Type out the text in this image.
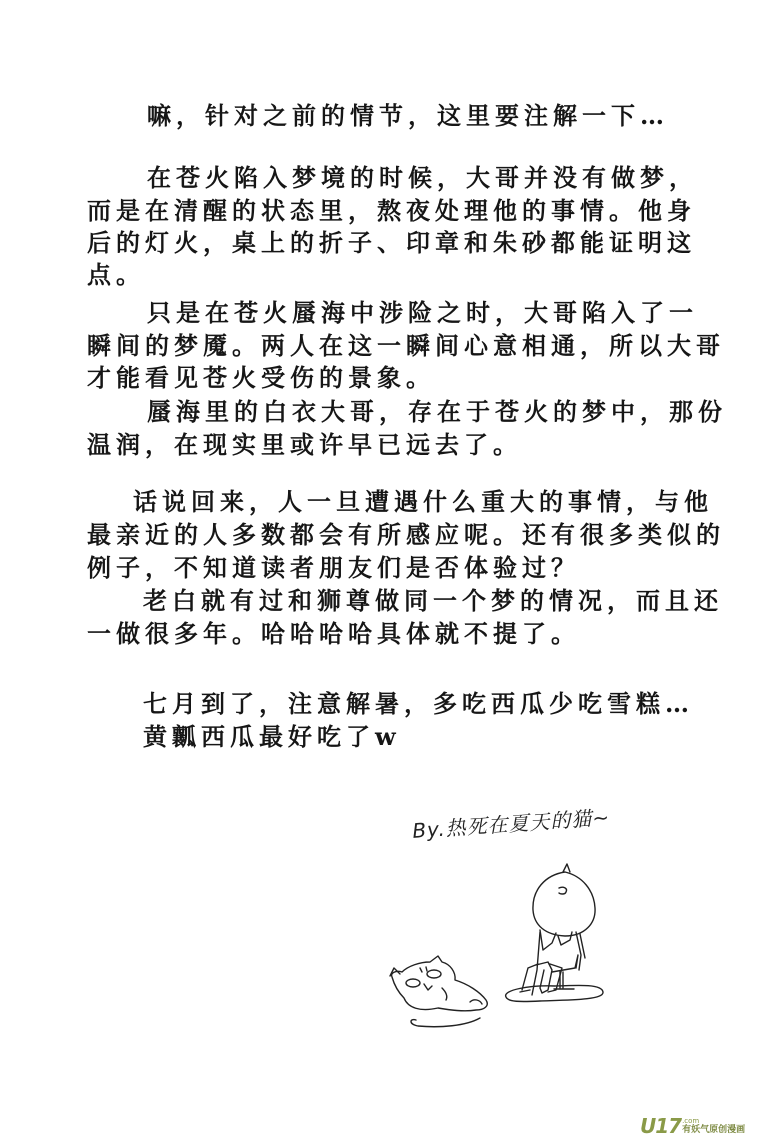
嘛，针对之前的情节，这里要注解一下…
在苍火陷入梦境的时候，大哥并没有做梦，
而是在清醒的状态里，熬夜处理他的事情。他身
后的灯火，桌上的折子、印章和朱砂都能证明这
点。
只是在苍火蜃海中涉险之时，大哥陷入了一
瞬间的梦魇。两人在这一瞬间心意相通，所以大哥
才能看见苍火受伤的景象。
蜃海里的白衣大哥，存在于苍火的梦中，那份
温润，在现实里或许早已远去了。
话说回来，人一旦遭遇什么重大的事情，与他
最亲近的人多数都会有所感应呢。还有很多类似的
例子，不知道读者朋友们是否体验过？
老白就有过和狮尊做同一个梦的情况，而且还
一做很多年。哈哈哈哈具体就不提了。
七月到了，注意解暑，多吃西瓜少吃雪糕…
黄瓤西瓜最好吃了w
By.热死在夏天的猫~
U17 .com
有妖气原创漫画
